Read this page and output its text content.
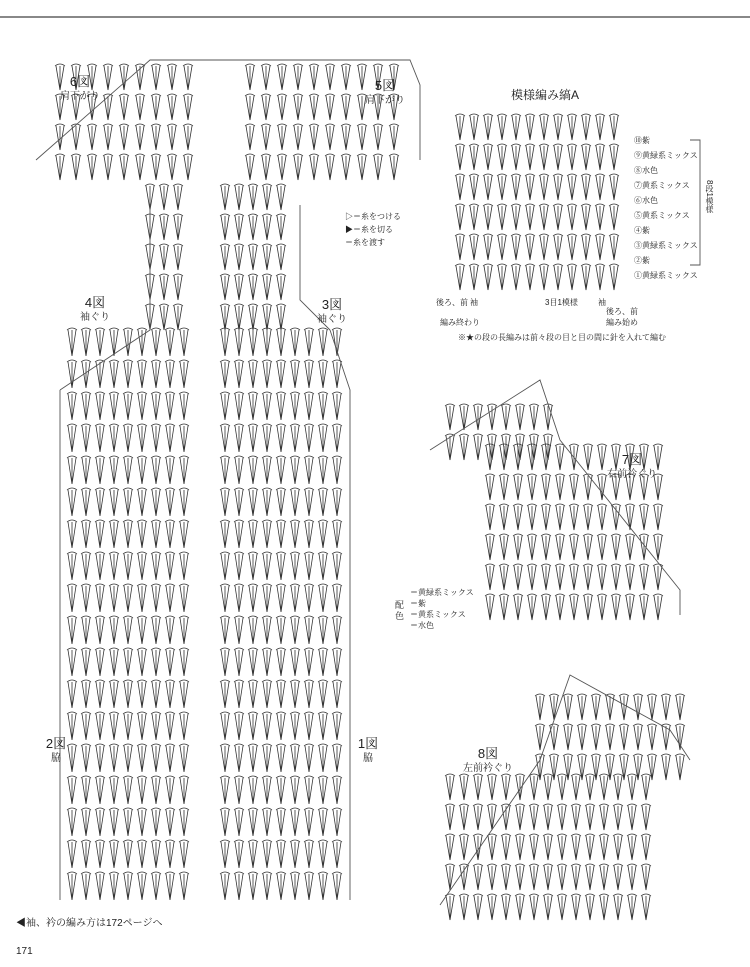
6図
肩下がり
5図
肩下がり
4図
袖ぐり
3図
袖ぐり
2図
脇
1図
脇
7図
右前衿ぐり
8図
左前衿ぐり
模様編み縞A
⑩紫
⑨黄緑系ミックス
⑧水色
⑦黄系ミックス
⑥水色
⑤黄系ミックス
④紫
③黄緑系ミックス
②紫
①黄緑系ミックス
8段1模様
後ろ、前 袖
編み終わり
3目1模様	袖
後ろ、前
編み始め
※★の段の長編みは前々段の目と目の間に針を入れて編む
▷＝糸をつける
▶＝糸を切る
＝糸を渡す
配色
＝黄緑系ミックス
＝紫
＝黄系ミックス
＝水色
◀袖、衿の編み方は172ページへ
171
